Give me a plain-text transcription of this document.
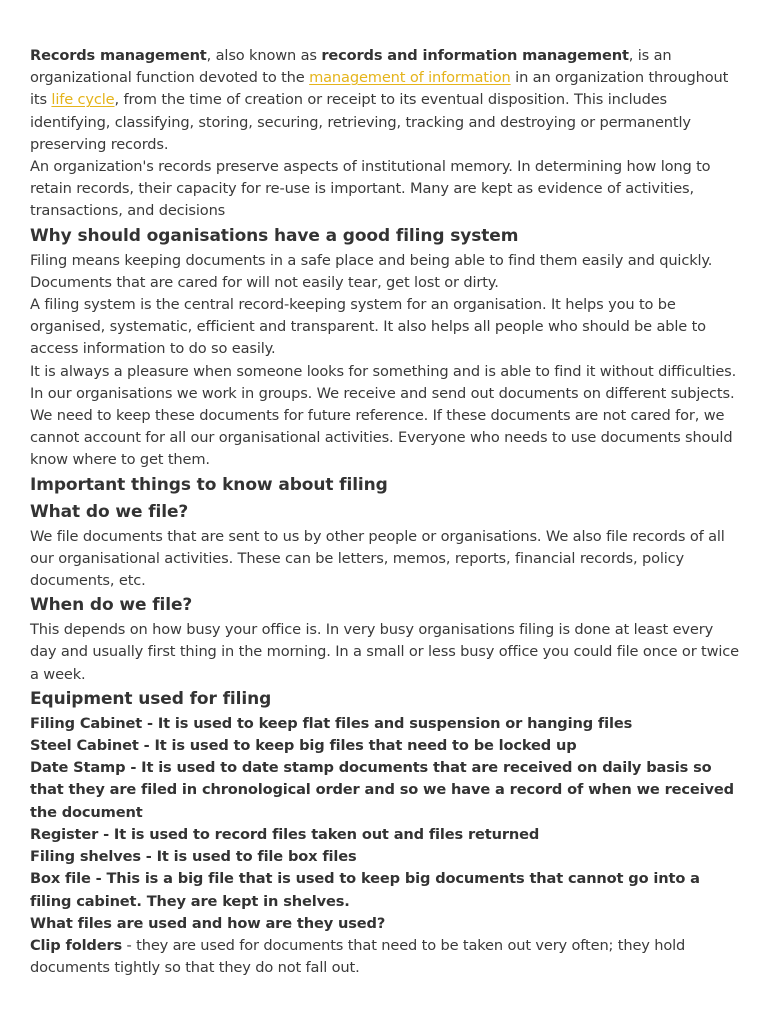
Records management, also known as records and information management, is an organizational function devoted to the management of information in an organization throughout its life cycle, from the time of creation or receipt to its eventual disposition. This includes identifying, classifying, storing, securing, retrieving, tracking and destroying or permanently preserving records.

An organization's records preserve aspects of institutional memory. In determining how long to retain records, their capacity for re-use is important. Many are kept as evidence of activities, transactions, and decisions

Why should oganisations have a good filing system

Filing means keeping documents in a safe place and being able to find them easily and quickly. Documents that are cared for will not easily tear, get lost or dirty.

A filing system is the central record-keeping system for an organisation. It helps you to be organised, systematic, efficient and transparent. It also helps all people who should be able to access information to do so easily.

It is always a pleasure when someone looks for something and is able to find it without difficulties. In our organisations we work in groups. We receive and send out documents on different subjects. We need to keep these documents for future reference. If these documents are not cared for, we cannot account for all our organisational activities. Everyone who needs to use documents should know where to get them.

Important things to know about filing
What do we file?

We file documents that are sent to us by other people or organisations. We also file records of all our organisational activities. These can be letters, memos, reports, financial records, policy documents, etc.

When do we file?

This depends on how busy your office is. In very busy organisations filing is done at least every day and usually first thing in the morning. In a small or less busy office you could file once or twice a week.

Equipment used for filing

Filing Cabinet - It is used to keep flat files and suspension or hanging files

Steel Cabinet - It is used to keep big files that need to be locked up

Date Stamp - It is used to date stamp documents that are received on daily basis so that they are filed in chronological order and so we have a record of when we received the document

Register - It is used to record files taken out and files returned

Filing shelves - It is used to file box files

Box file - This is a big file that is used to keep big documents that cannot go into a filing cabinet. They are kept in shelves.

What files are used and how are they used?

Clip folders - they are used for documents that need to be taken out very often; they hold documents tightly so that they do not fall out.
